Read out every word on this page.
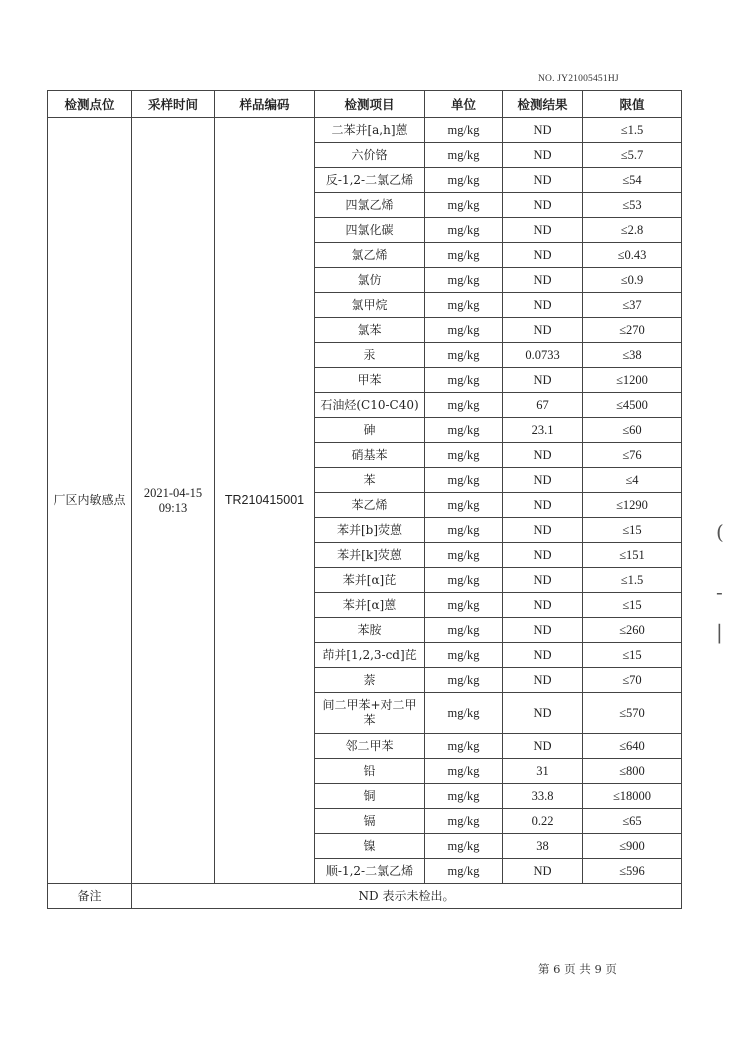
NO. JY21005451HJ
检测点位	采样时间	样品编码	检测项目	单位	检测结果	限值
厂区内敏感点	2021-04-15 09:13	TR210415001	二苯并[a,h]蒽	mg/kg	ND	≤1.5
			六价铬	mg/kg	ND	≤5.7
			反-1,2-二氯乙烯	mg/kg	ND	≤54
			四氯乙烯	mg/kg	ND	≤53
			四氯化碳	mg/kg	ND	≤2.8
			氯乙烯	mg/kg	ND	≤0.43
			氯仿	mg/kg	ND	≤0.9
			氯甲烷	mg/kg	ND	≤37
			氯苯	mg/kg	ND	≤270
			汞	mg/kg	0.0733	≤38
			甲苯	mg/kg	ND	≤1200
			石油烃(C10-C40)	mg/kg	67	≤4500
			砷	mg/kg	23.1	≤60
			硝基苯	mg/kg	ND	≤76
			苯	mg/kg	ND	≤4
			苯乙烯	mg/kg	ND	≤1290
			苯并[b]荧蒽	mg/kg	ND	≤15
			苯并[k]荧蒽	mg/kg	ND	≤151
			苯并[α]芘	mg/kg	ND	≤1.5
			苯并[α]蒽	mg/kg	ND	≤15
			苯胺	mg/kg	ND	≤260
			茚并[1,2,3-cd]芘	mg/kg	ND	≤15
			萘	mg/kg	ND	≤70
			间二甲苯+对二甲苯	mg/kg	ND	≤570
			邻二甲苯	mg/kg	ND	≤640
			铅	mg/kg	31	≤800
			铜	mg/kg	33.8	≤18000
			镉	mg/kg	0.22	≤65
			镍	mg/kg	38	≤900
			顺-1,2-二氯乙烯	mg/kg	ND	≤596
备注	ND 表示未检出。					
第 6 页 共 9 页
(
-
|
